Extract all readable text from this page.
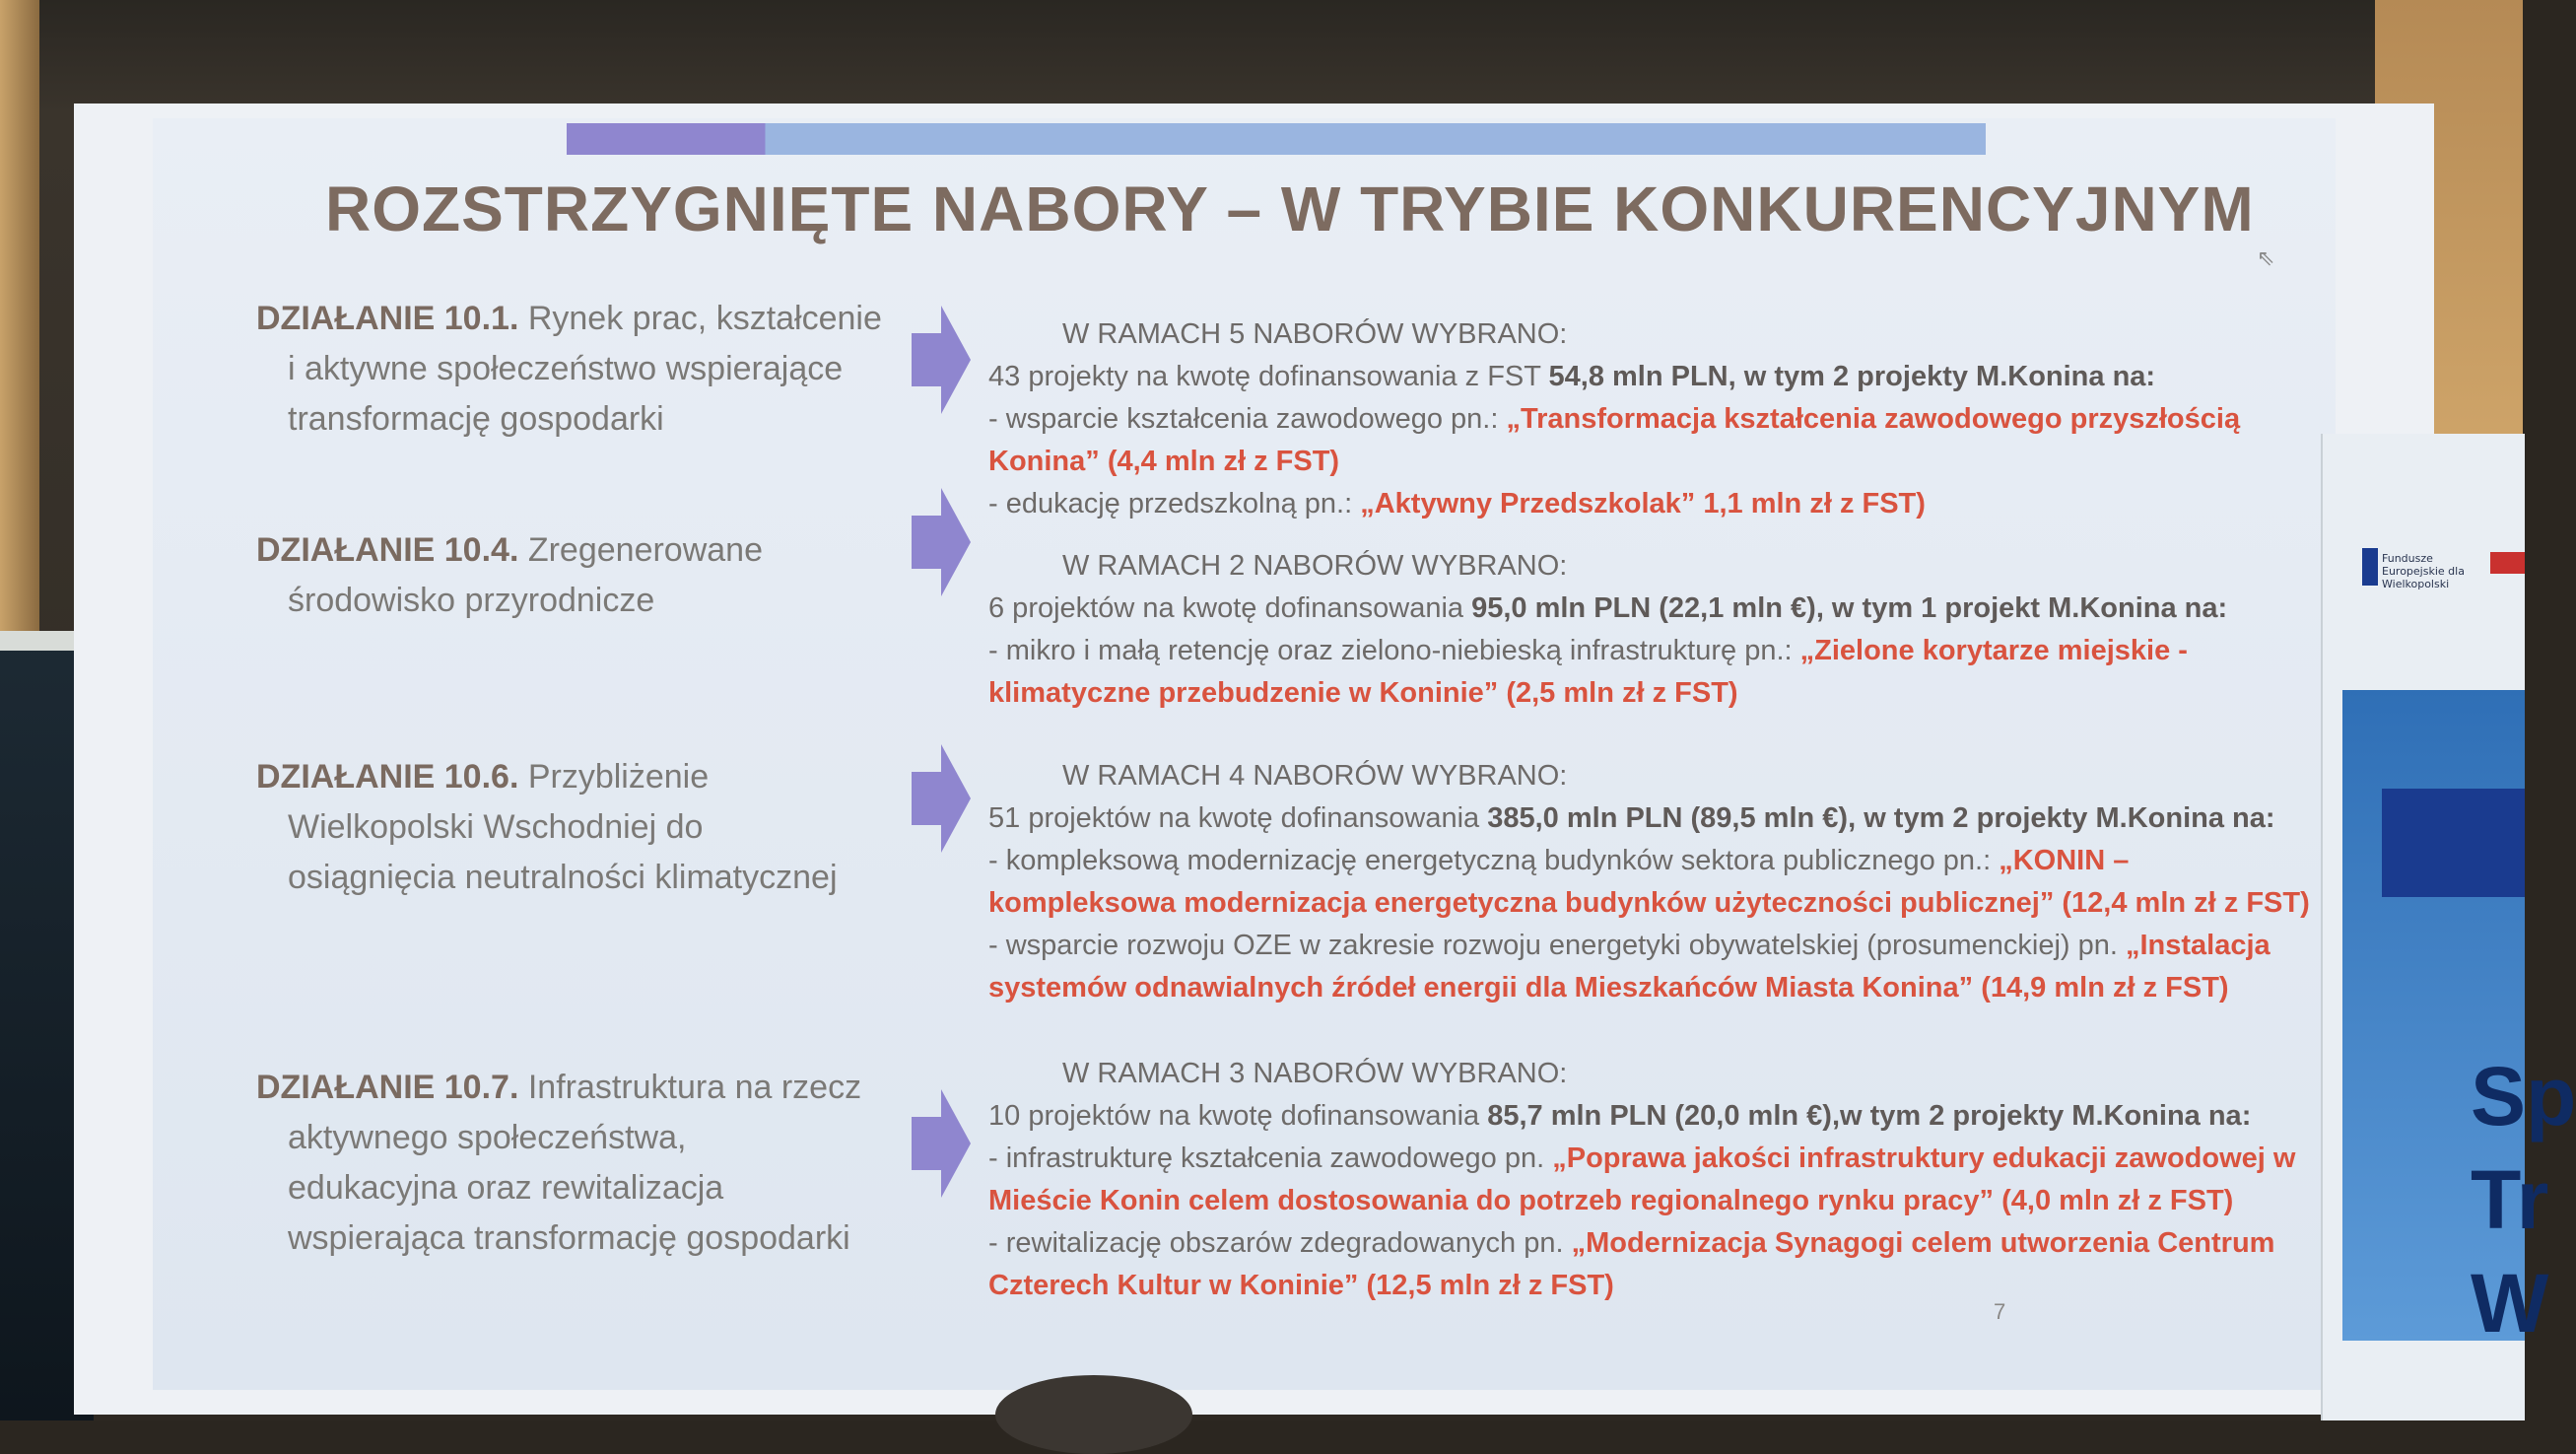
ROZSTRZYGNIĘTE NABORY – W TRYBIE KONKURENCYJNYM
⇖
DZIAŁANIE 10.1. Rynek prac, kształcenie
i aktywne społeczeństwo wspierające
transformację gospodarki
DZIAŁANIE 10.4. Zregenerowane
środowisko przyrodnicze
DZIAŁANIE 10.6. Przybliżenie
Wielkopolski Wschodniej do
osiągnięcia neutralności klimatycznej
DZIAŁANIE 10.7. Infrastruktura na rzecz
aktywnego społeczeństwa,
edukacyjna oraz rewitalizacja
wspierająca transformację gospodarki
W RAMACH 5 NABORÓW WYBRANO:
43 projekty na kwotę dofinansowania z FST 54,8 mln PLN, w tym 2 projekty M.Konina na:
- wsparcie kształcenia zawodowego pn.: „Transformacja kształcenia zawodowego przyszłością
Konina” (4,4 mln zł z FST)
- edukację przedszkolną pn.: „Aktywny Przedszkolak” 1,1 mln zł z FST)
W RAMACH 2 NABORÓW WYBRANO:
6 projektów na kwotę dofinansowania 95,0 mln PLN (22,1 mln €), w tym 1 projekt M.Konina na:
- mikro i małą retencję oraz zielono-niebieską infrastrukturę pn.: „Zielone korytarze miejskie -
klimatyczne przebudzenie w Koninie” (2,5 mln zł z FST)
W RAMACH 4 NABORÓW WYBRANO:
51 projektów na kwotę dofinansowania 385,0 mln PLN (89,5 mln €), w tym 2 projekty M.Konina na:
- kompleksową modernizację energetyczną budynków sektora publicznego pn.: „KONIN –
kompleksowa modernizacja energetyczna budynków użyteczności publicznej” (12,4 mln zł z FST)
- wsparcie rozwoju OZE w zakresie rozwoju energetyki obywatelskiej (prosumenckiej) pn. „Instalacja
systemów odnawialnych źródeł energii dla Mieszkańców Miasta Konina” (14,9 mln zł z FST)
W RAMACH 3 NABORÓW WYBRANO:
10 projektów na kwotę dofinansowania 85,7 mln PLN (20,0 mln €),w tym 2 projekty M.Konina na:
- infrastrukturę kształcenia zawodowego pn. „Poprawa jakości infrastruktury edukacji zawodowej w
Mieście Konin celem dostosowania do potrzeb regionalnego rynku pracy” (4,0 mln zł z FST)
- rewitalizację obszarów zdegradowanych pn. „Modernizacja Synagogi celem utworzenia Centrum
Czterech Kultur w Koninie” (12,5 mln zł z FST)
7
Fundusze Europejskie dla Wielkopolski
Sp
Tr
W
